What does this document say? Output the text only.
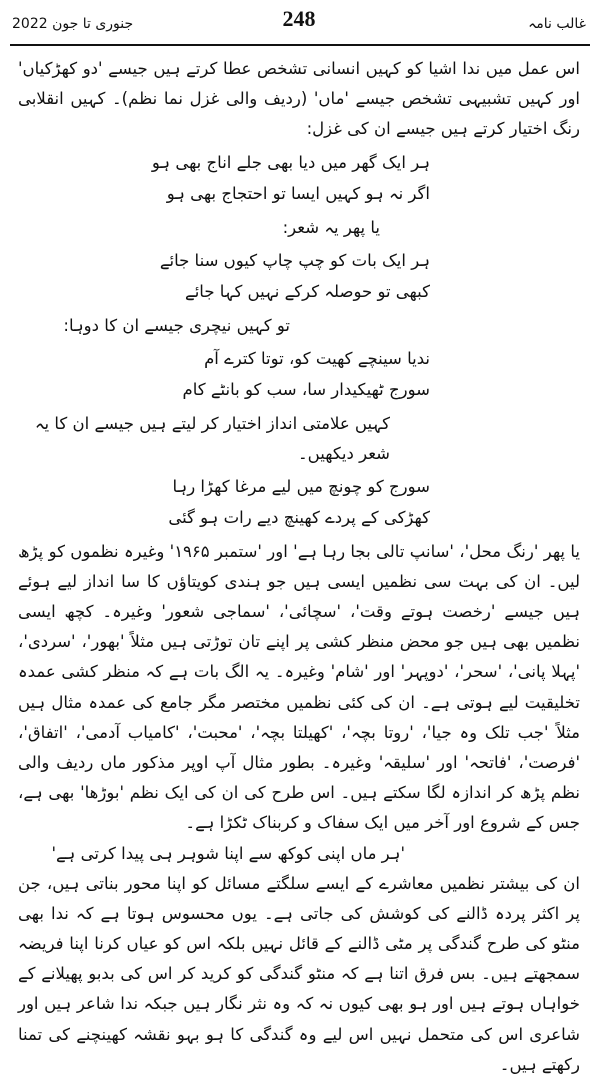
جنوری تا جون 2022	248	غالب نامہ

اس عمل میں ندا اشیا کو کہیں انسانی تشخص عطا کرتے ہیں جیسے 'دو کھڑکیاں' اور کہیں تشبیہی تشخص جیسے 'ماں' (ردیف والی غزل نما نظم)۔ کہیں انقلابی رنگ اختیار کرتے ہیں جیسے ان کی غزل:

ہر ایک گھر میں دیا بھی جلے اناج بھی ہو
اگر نہ ہو کہیں ایسا تو احتجاج بھی ہو

یا پھر یہ شعر:

ہر ایک بات کو چپ چاپ کیوں سنا جائے
کبھی تو حوصلہ کرکے نہیں کہا جائے

تو کہیں نیچری جیسے ان کا دوہا:

ندیا سینچے کھیت کو، توتا کترے آم
سورج ٹھیکیدار سا، سب کو بانٹے کام

کہیں علامتی انداز اختیار کر لیتے ہیں جیسے ان کا یہ شعر دیکھیں۔

سورج کو چونچ میں لیے مرغا کھڑا رہا
کھڑکی کے پردے کھینچ دیے رات ہو گئی

یا پھر 'رنگ محل'، 'سانپ تالی بجا رہا ہے' اور 'ستمبر ۱۹۶۵' وغیرہ نظموں کو پڑھ لیں۔ ان کی بہت سی نظمیں ایسی ہیں جو ہندی کویتاؤں کا سا انداز لیے ہوئے ہیں جیسے 'رخصت ہوتے وقت'، 'سچائی'، 'سماجی شعور' وغیرہ۔ کچھ ایسی نظمیں بھی ہیں جو محض منظر کشی پر اپنے تان توڑتی ہیں مثلاً 'بھور'، 'سردی'، 'پہلا پانی'، 'سحر'، 'دوپہر' اور 'شام' وغیرہ۔ یہ الگ بات ہے کہ منظر کشی عمدہ تخلیقیت لیے ہوتی ہے۔ ان کی کئی نظمیں مختصر مگر جامع کی عمدہ مثال ہیں مثلاً 'جب تلک وہ جیا'، 'روتا بچہ'، 'کھیلتا بچہ'، 'محبت'، 'کامیاب آدمی'، 'اتفاق'، 'فرصت'، 'فاتحہ' اور 'سلیقہ' وغیرہ۔ بطور مثال آپ اوپر مذکور ماں ردیف والی نظم پڑھ کر اندازہ لگا سکتے ہیں۔ اس طرح کی ان کی ایک نظم 'بوڑھا' بھی ہے، جس کے شروع اور آخر میں ایک سفاک و کربناک ٹکڑا ہے۔

'ہر ماں اپنی کوکھ سے اپنا شوہر ہی پیدا کرتی ہے'

ان کی بیشتر نظمیں معاشرے کے ایسے سلگتے مسائل کو اپنا محور بناتی ہیں، جن پر اکثر پردہ ڈالنے کی کوشش کی جاتی ہے۔ یوں محسوس ہوتا ہے کہ ندا بھی منٹو کی طرح گندگی پر مٹی ڈالنے کے قائل نہیں بلکہ اس کو عیاں کرنا اپنا فریضہ سمجھتے ہیں۔ بس فرق اتنا ہے کہ منٹو گندگی کو کرید کر اس کی بدبو پھیلانے کے خواہاں ہوتے ہیں اور ہو بھی کیوں نہ کہ وہ نثر نگار ہیں جبکہ ندا شاعر ہیں اور شاعری اس کی متحمل نہیں اس لیے وہ گندگی کا ہو بہو نقشہ کھینچنے کی تمنا رکھتے ہیں۔
